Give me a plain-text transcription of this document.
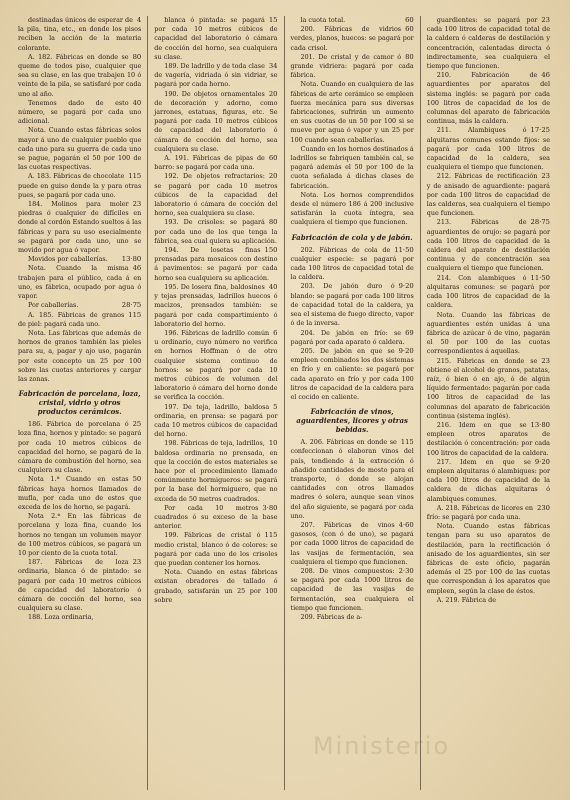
4
destinadas únicos de esperar de la pila, tina, etc., en donde los pisos reciben la acción de la materia colorante.

80
A. 182. Fábricas en donde se queme de todos piso, cualquier que sea su clase, en las que trabajen 10 ó veinte de la pila, se satisfaré por cada uno al año.

40
Tenemos dado de esto número, se pagará por cada uno adicional.

Nota. Cuando estas fábricas solos mayor á uno de cualquier pueblo que cada uno para su guerra de cada uno se pague, pagarán el 50 por 100 de las cuotas respectivas.

115
A. 183. Fábricas de chocolate puede en guiso donde la y para otras pues, se pagará por cada uno.

23
184. Molinos para moler piedras ó cualquier de difíciles en donde al cordón Estando sueltos á las fábricas y para su uso esecialmente se pagará por cada uno, uno se movido por agua ó vapor.

13·80
Movidos por caballerías.

46
Nota. Cuando la misma trabajen para el público, cada á en uno, es fábrica, ocupado por agua ó vapor.

28·75
Por caballerías.

115
A. 185. Fábricas de granos de piel: pagará cada uno.

Nota. Las fábricas que además de hornos de granos también las pieles para su, a, pagar y ajo uso, pagarán por este concepto un 25 por 100 sobre las cuotas anteriores y cargar las zonas.

Fabricación de porcelana, loza, cristal, vidrio y otros productos cerámicos.

25
186. Fábrica de porcelana ó loza fina, hornos y pintado: se pagará por cada 10 metros cúbicos de capacidad del horno, se pagará de la cámara de combustión del horno, sea cualquiera su clase.

50
Nota 1.ª Cuando en estas fábricas haya hornos llamados de mufla, por cada uno de estos que exceda de los de horno, se pagará.

Nota 2.ª En las fábricas de porcelana y loza fina, cuando los hornos no tengan un volumen mayor de 100 metros cúbicos, se pagará un 10 por ciento de la cuota total.

23
187. Fábricas de loza ordinaria, blanca ó de pintado: se pagará por cada 10 metros cúbicos de capacidad del laboratorio ó cámara de cocción del horno, sea cualquiera su clase.

188. Loza ordinaria,

15
blanca ó pintada: se pagará por cada 10 metros cúbicos de capacidad del laboratorio ó cámara de cocción del horno, sea cualquiera su clase.

34
189. De ladrillo y de toda clase de vagería, vidriada ó sin vidriar, se pagará por cada horno.

20
190. De objetos ornamentales de decoración y adorno, como jarrones, estatuas, figuras, etc. Se pagará por cada 10 metros cúbicos de capacidad del laboratorio ó cámara de cocción del horno, sea cualquiera su clase.

60
A. 191. Fábricas de pipas de barro: se pagará por cada una.

20
192. De objetos refractarios: se pagará por cada 10 metros cúbicos de la capacidad del laboratorio ó cámara de cocción del horno, sea cualquiera su clase.

80
193. De crisoles: se pagará por cada uno de los que tenga la fábrica, sea cual quiera su aplicación.

150
194. De losetas finas prensadas para mosaicos con destino á pavimentos: se pagará por cada horno sea cualquiera su aplicación.

40
195. De losera fina, baldosines y tejas prensadas, ladrillos huecos ó macizos, prensados también: se pagará por cada compartimiento ó laboratorio del horno.

6
196. Fábricas de ladrillo común u ordinario, cuyo número no verifica en hornos Hoffman ó de otro cualquier sistema continuo de hornos: se pagará por cada 10 metros cúbicos de volumen del laboratorio ó cámara del horno donde se verifica la cocción.

5
197. De teja, ladrillo, baldosa ordinaria, en prensa: se pagará por cada 10 metros cúbicos de capacidad del horno.

10
198. Fábricas de teja, ladrillos, baldosa ordinaria no prensada, en que la cocción de estos materiales se hace por el procedimiento llamado comúnmente hormigueros: se pagará por la base del hormiguero, que no exceda de 50 metros cuadrados.

3·80
Por cada 10 metros cuadrados ó su exceso de la base anterior.

115
199. Fábricas de cristal ó medio cristal, blanco ó de colores: se pagará por cada uno de los crisoles que puedan contener los hornos.

Nota. Cuando en estas fábricas existan obradores de tallado ó grabado, satisfarán un 25 por 100 sobre

60
la cuota total.

60
200. Fábricas de vidrios verdes, planos, huecos: se pagará por cada crisol.

80
201. De cristal y de camor ó grande vidriera: pagará por cada fábrica.

Nota. Cuando en cualquiera de las fábricas de arte cerámico se empleen fuerza mecánica para sus diversas fabricaciones, sufrirán un aumento en sus cuotas de un 50 por 100 si se mueve por agua ó vapor y un 25 por 100 cuando sean caballerías.

Cuando en los hornos destinados á ladrillos se fabriquen también cal, se pagará además el 50 por 100 de la cuota señalada á dichas clases de fabricación.

Nota. Los hornos comprendidos desde el número 186 á 200 inclusive satisfarán la cuota íntegra, sea cualquiera el tiempo que funcionen.

Fabricación de cola y de jabón.

11·50
202. Fábricas de cola de cualquier especie: se pagará por cada 100 litros de capacidad total de la caldera.

9·20
203. De jabón duro ó blando: se pagará por cada 100 litros de capacidad total de la caldera, ya sea el sistema de fuego directo, vapor ó de la inversa.

69
204. De jabón en frío: se pagará por cada aparato ó caldera.

9·20
205. De jabón en que se empleen combinados los dos sistemas en frío y en caliente: se pagará por cada aparato en frío y por cada 100 litros de capacidad de la caldera para el cocido en caliente.

Fabricación de vinos, aguardientes, licores y otras bebidas.

115
A. 206. Fábricas en donde se confeccionan ó elaboran vinos del país, tendiendo á la extracción ó añadido cantidades de mosto para el transporte, ó donde se alojan cantidades con otros llamados madres ó solera, aunque sean vinos del año siguiente, se pagará por cada uno.

4·60
207. Fábricas de vinos gasosos, (con ó de uno), se pagará por cada 1000 litros de capacidad de las vasijas de fermentación, sea cualquiera el tiempo que funcionen.

2·30
208. De vinos compuestos: se pagará por cada 1000 litros de capacidad de las vasijas de fermentación, sea cualquiera el tiempo que funcionen.

209. Fábricas de a-

23
guardientes: se pagará por cada 100 litros de capacidad total de la caldera ó calderas de destilación y concentración, calentadas directa ó indirectamente, sea cualquiera el tiempo que funcionen.

46
210. Fabricación de aguardientes por aparatos del sistema inglés: se pagará por cada 100 litros de capacidad de los de columnas del aparato de fabricación continua, más la caldera.

17·25
211. Alambiques ó alquitaras comunes estando fijos: se pagará por cada 100 litros de capacidad de la caldera, sea cualquiera el tiempo que funcionen.

23
212. Fábricas de rectificación y de anisado de aguardiente: pagará por cada 100 litros de capacidad de las calderas, sea cualquiera el tiempo que funcionen.

28·75
213. Fábricas de aguardientes de orujo: se pagará por cada 100 litros de capacidad de la caldera del aparato de destilación continua y de concentración sea cualquiera el tiempo que funcionen.

11·50
214. Con alambiques ó alquitaras comunes: se pagará por cada 100 litros de capacidad de la caldera.

Nota. Cuando las fábricas de aguardientes estén unidas á una fábrica de azúcar ó de vino, pagarán el 50 por 100 de las cuotas correspondientes á aquellas.

23
215. Fábricas en donde se obtiene el alcohol de granos, patatas, raíz, ó bien ó en ajo, ó de algún líquido fermentado: pagarán por cada 100 litros de capacidad de las columnas del aparato de fabricación continua (sistema inglés).

13·80
216. Idem en que se empleen otros aparatos de destilación ó concentración: por cada 100 litros de capacidad de la caldera.

9·20
217. Idem en que se empleen alquitaras ó alambiques: por cada 100 litros de capacidad de la caldera de dichas alquitaras ó alambiques comunes.

230
A. 218. Fábricas de licores en frío: se pagará por cada una.

Nota. Cuando estas fábricas tengan para su uso aparatos de destilación, para la rectificación ó anisado de los aguardientes, sin ser fábricas de este oficio, pagarán además el 25 por 100 de las cuotas que correspondan á los aparatos que empleen, según la clase de éstos.

A. 219. Fábrica de

Ministerio
